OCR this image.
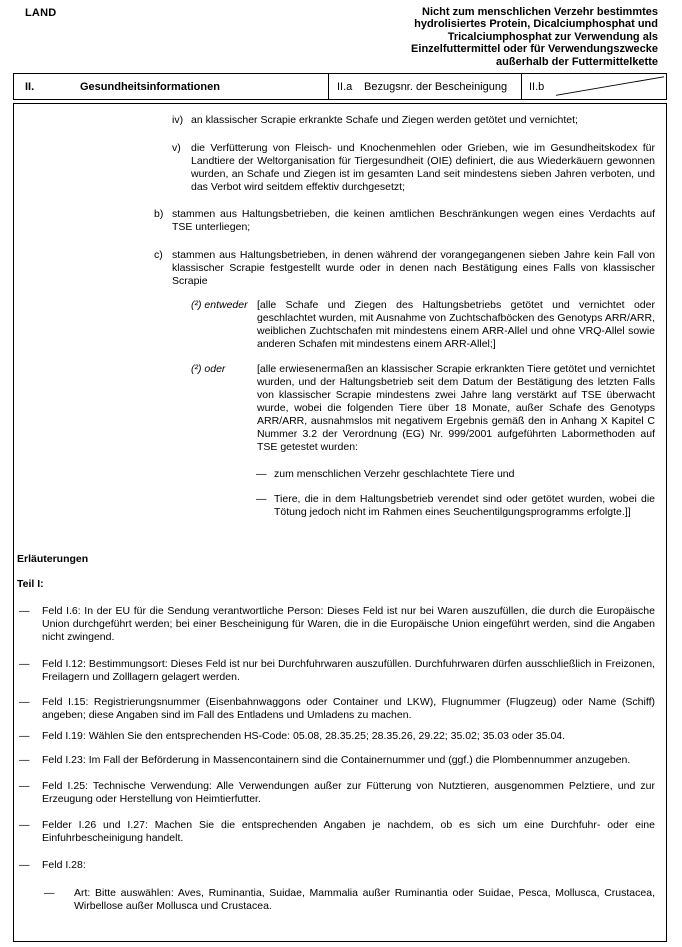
LAND	Nicht zum menschlichen Verzehr bestimmtes
hydrolisiertes Protein, Dicalciumphosphat und
Tricalciumphosphat zur Verwendung als
Einzelfuttermittel oder für Verwendungszwecke
außerhalb der Futtermittelkette
II.	Gesundheitsinformationen	II.a	Bezugsnr. der Bescheinigung II.b
iv) an klassischer Scrapie erkrankte Schafe und Ziegen werden getötet und vernichtet;
v) die Verfütterung von Fleisch- und Knochenmehlen oder Grieben, wie im Gesundheitskodex für Landtiere der Weltorganisation für Tiergesundheit (OIE) definiert, die aus Wiederkäuern gewonnen wurden, an Schafe und Ziegen ist im gesamten Land seit mindestens sieben Jahren verboten, und das Verbot wird seitdem effektiv durchgesetzt;
b) stammen aus Haltungsbetrieben, die keinen amtlichen Beschränkungen wegen eines Verdachts auf TSE unterliegen;
c) stammen aus Haltungsbetrieben, in denen während der vorangegangenen sieben Jahre kein Fall von klassischer Scrapie festgestellt wurde oder in denen nach Bestätigung eines Falls von klassischer Scrapie
(²) entweder [alle Schafe und Ziegen des Haltungsbetriebs getötet und vernichtet oder geschlachtet wurden, mit Ausnahme von Zuchtschafböcken des Genotyps ARR/ARR, weiblichen Zuchtschafen mit mindestens einem ARR-Allel und ohne VRQ-Allel sowie anderen Schafen mit mindestens einem ARR-Allel;]
(²) oder	[alle erwiesenermaßen an klassischer Scrapie erkrankten Tiere getötet und vernichtet wurden, und der Haltungsbetrieb seit dem Datum der Bestätigung des letzten Falls von klassischer Scrapie mindestens zwei Jahre lang verstärkt auf TSE überwacht wurde, wobei die folgenden Tiere über 18 Monate, außer Schafe des Genotyps ARR/ARR, ausnahmslos mit negativem Ergebnis gemäß den in Anhang X Kapitel C Nummer 3.2 der Verordnung (EG) Nr. 999/2001 aufgeführten Labormethoden auf TSE getestet wurden:
— zum menschlichen Verzehr geschlachtete Tiere und
— Tiere, die in dem Haltungsbetrieb verendet sind oder getötet wurden, wobei die Tötung jedoch nicht im Rahmen eines Seuchentilgungsprogramms erfolgte.]]
Erläuterungen
Teil I:
—	Feld I.6: In der EU für die Sendung verantwortliche Person: Dieses Feld ist nur bei Waren auszufüllen, die durch die Europäische Union durchgeführt werden; bei einer Bescheinigung für Waren, die in die Europäische Union eingeführt werden, sind die Angaben nicht zwingend.
—	Feld I.12: Bestimmungsort: Dieses Feld ist nur bei Durchfuhrwaren auszufüllen. Durchfuhrwaren dürfen ausschließlich in Freizonen, Freilagern und Zolllagern gelagert werden.
—	Feld I.15: Registrierungsnummer (Eisenbahnwaggons oder Container und LKW), Flugnummer (Flugzeug) oder Name (Schiff) angeben; diese Angaben sind im Fall des Entladens und Umladens zu machen.
—	Feld I.19: Wählen Sie den entsprechenden HS-Code: 05.08, 28.35.25; 28.35.26, 29.22; 35.02; 35.03 oder 35.04.
—	Feld I.23: Im Fall der Beförderung in Massencontainern sind die Containernummer und (ggf.) die Plombennummer anzugeben.
—	Feld I.25: Technische Verwendung: Alle Verwendungen außer zur Fütterung von Nutztieren, ausgenommen Pelztiere, und zur Erzeugung oder Herstellung von Heimtierfutter.
—	Felder I.26 und I.27: Machen Sie die entsprechenden Angaben je nachdem, ob es sich um eine Durchfuhr- oder eine Einfuhrbescheinigung handelt.
—	Feld I.28:
—	Art: Bitte auswählen: Aves, Ruminantia, Suidae, Mammalia außer Ruminantia oder Suidae, Pesca, Mollusca, Crustacea, Wirbellose außer Mollusca und Crustacea.
